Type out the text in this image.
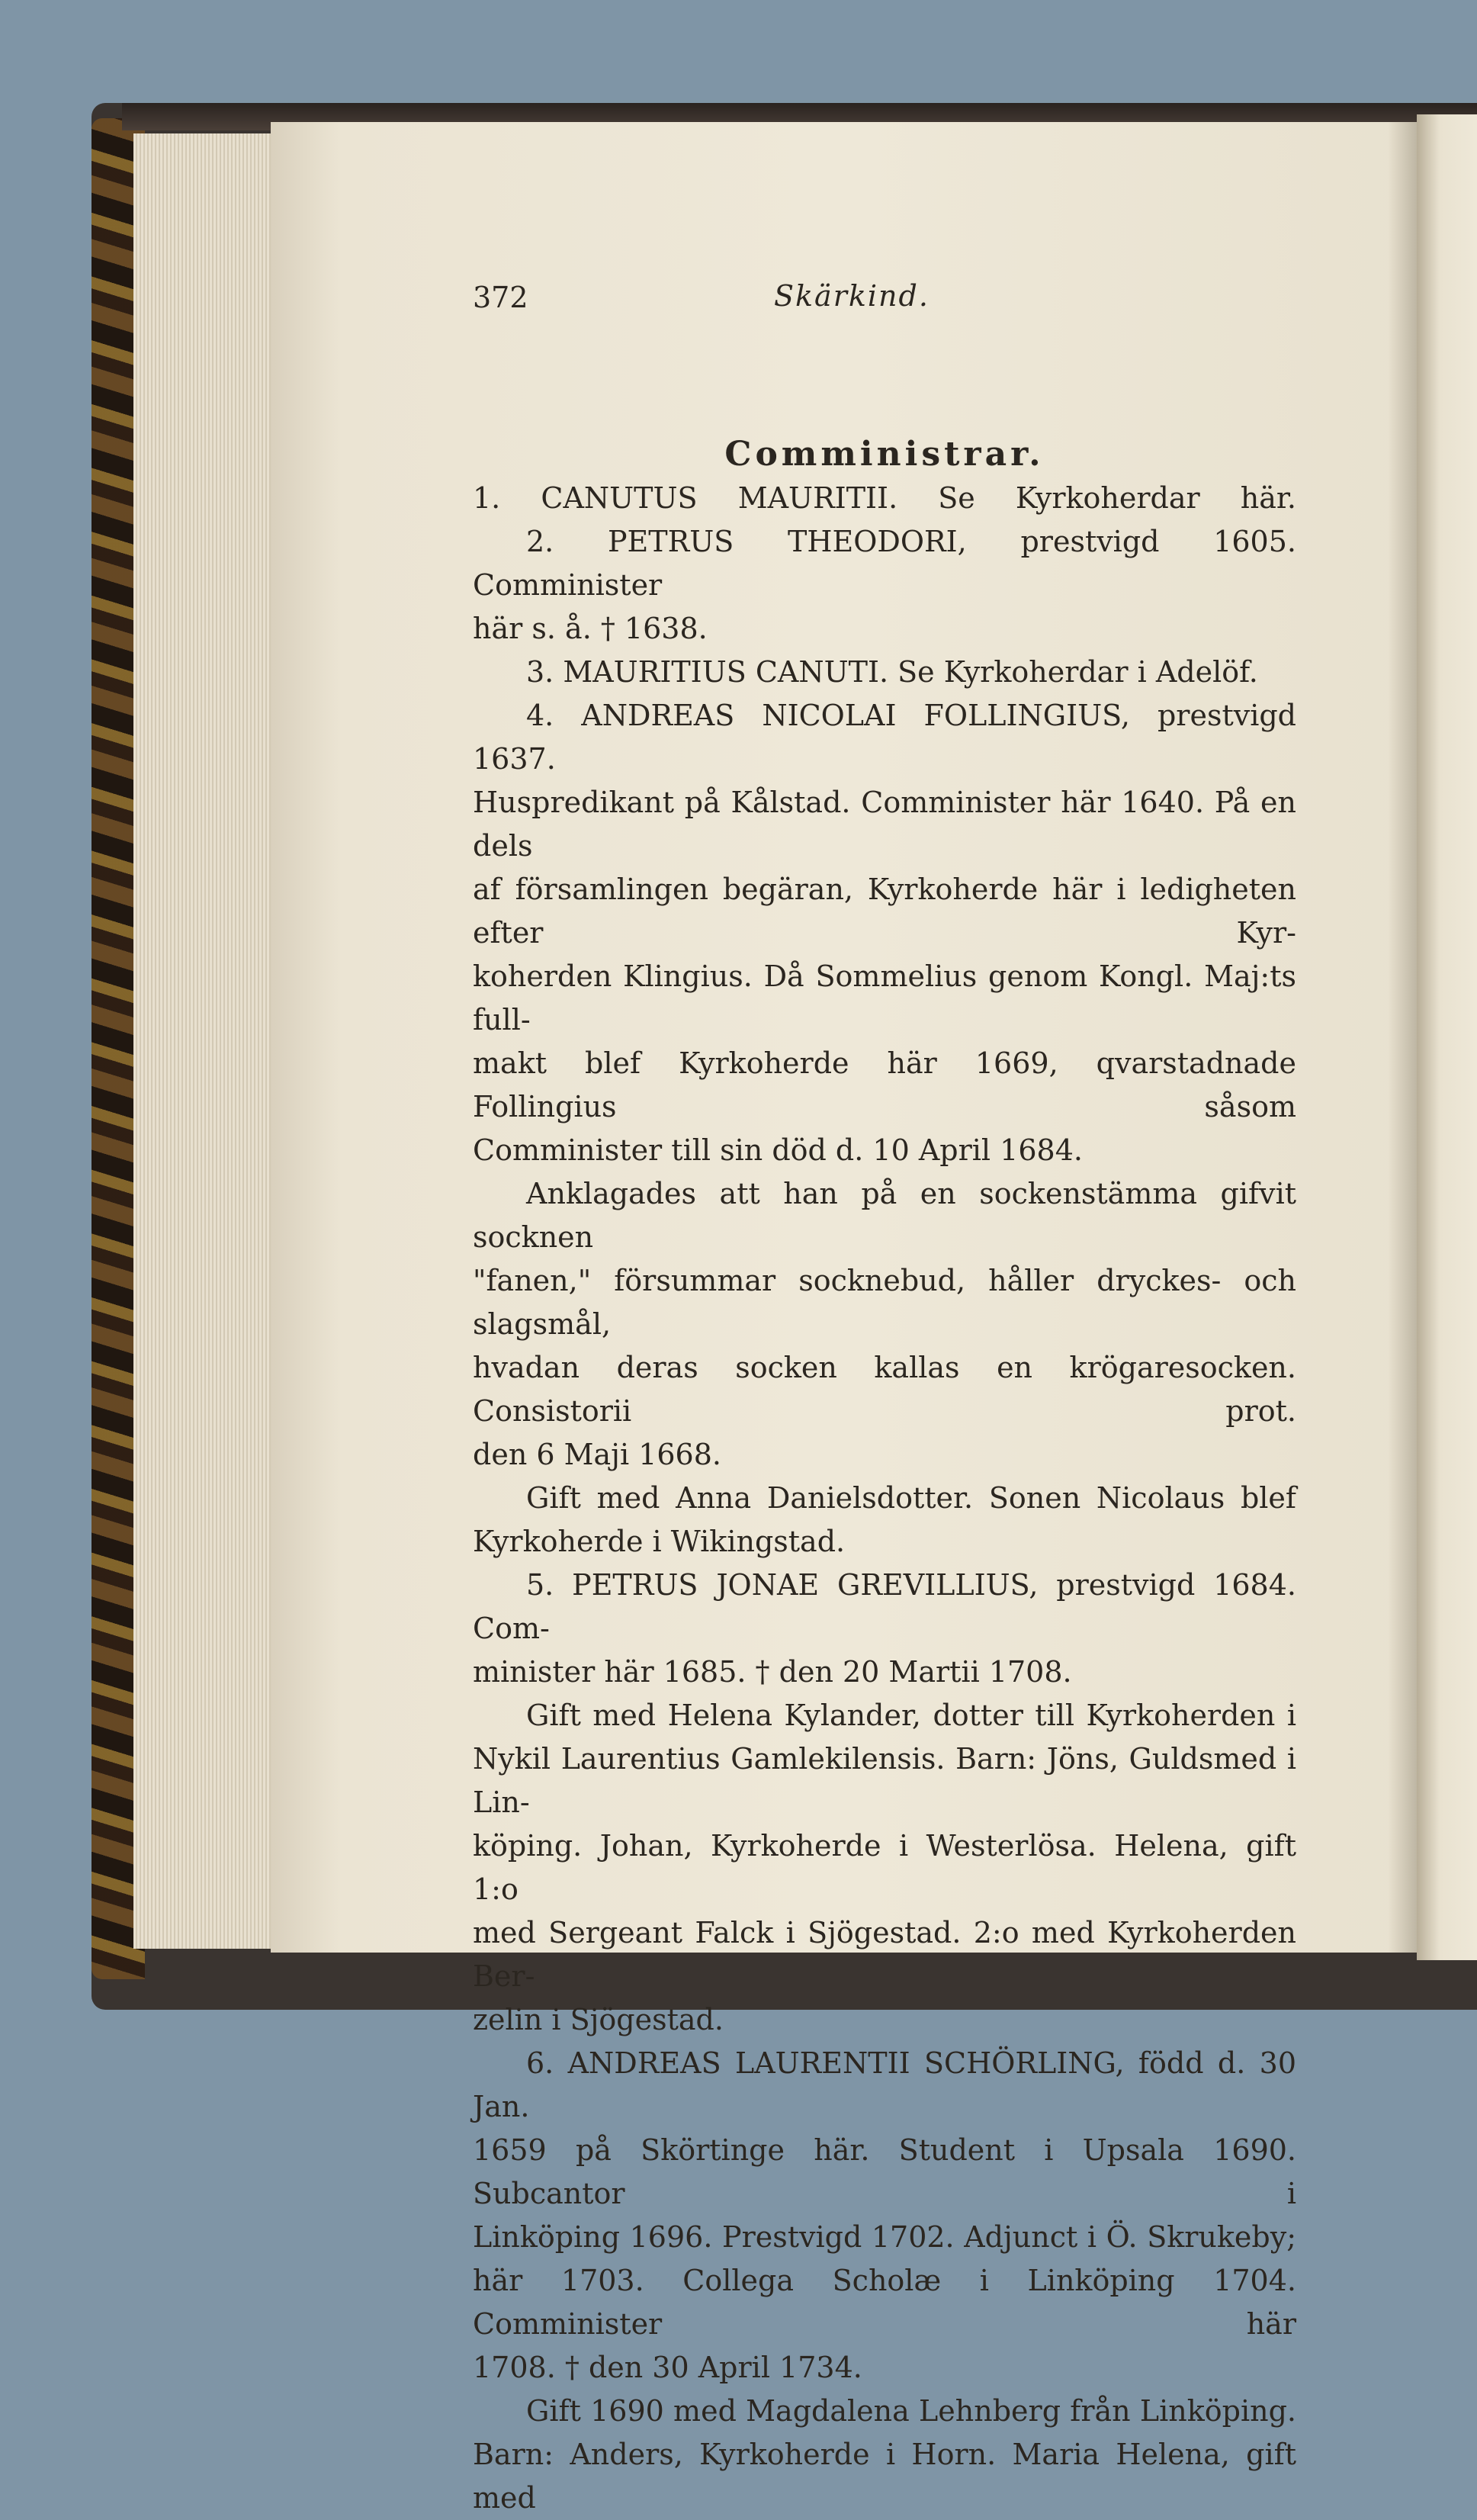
372	Skärkind.
Comministrar.

1. CANUTUS MAURITII. Se Kyrkoherdar här.

2. PETRUS THEODORI, prestvigd 1605. Comminister

här s. å. † 1638.

3. MAURITIUS CANUTI. Se Kyrkoherdar i Adelöf.

4. ANDREAS NICOLAI FOLLINGIUS, prestvigd 1637.

Huspredikant på Kålstad. Comminister här 1640. På en dels

af församlingen begäran, Kyrkoherde här i ledigheten efter Kyr-

koherden Klingius. Då Sommelius genom Kongl. Maj:ts full-

makt blef Kyrkoherde här 1669, qvarstadnade Follingius såsom

Comminister till sin död d. 10 April 1684.

Anklagades att han på en sockenstämma gifvit socknen

"fanen," försummar socknebud, håller dryckes- och slagsmål,

hvadan deras socken kallas en krögaresocken. Consistorii prot.

den 6 Maji 1668.

Gift med Anna Danielsdotter. Sonen Nicolaus blef

Kyrkoherde i Wikingstad.

5. PETRUS JONAE GREVILLIUS, prestvigd 1684. Com-

minister här 1685. † den 20 Martii 1708.

Gift med Helena Kylander, dotter till Kyrkoherden i

Nykil Laurentius Gamlekilensis. Barn: Jöns, Guldsmed i Lin-

köping. Johan, Kyrkoherde i Westerlösa. Helena, gift 1:o

med Sergeant Falck i Sjögestad. 2:o med Kyrkoherden Ber-

zelin i Sjögestad.

6. ANDREAS LAURENTII SCHÖRLING, född d. 30 Jan.

1659 på Skörtinge här. Student i Upsala 1690. Subcantor i

Linköping 1696. Prestvigd 1702. Adjunct i Ö. Skrukeby;

här 1703. Collega Scholæ i Linköping 1704. Comminister här

1708. † den 30 April 1734.

Gift 1690 med Magdalena Lehnberg från Linköping.

Barn: Anders, Kyrkoherde i Horn. Maria Helena, gift med
